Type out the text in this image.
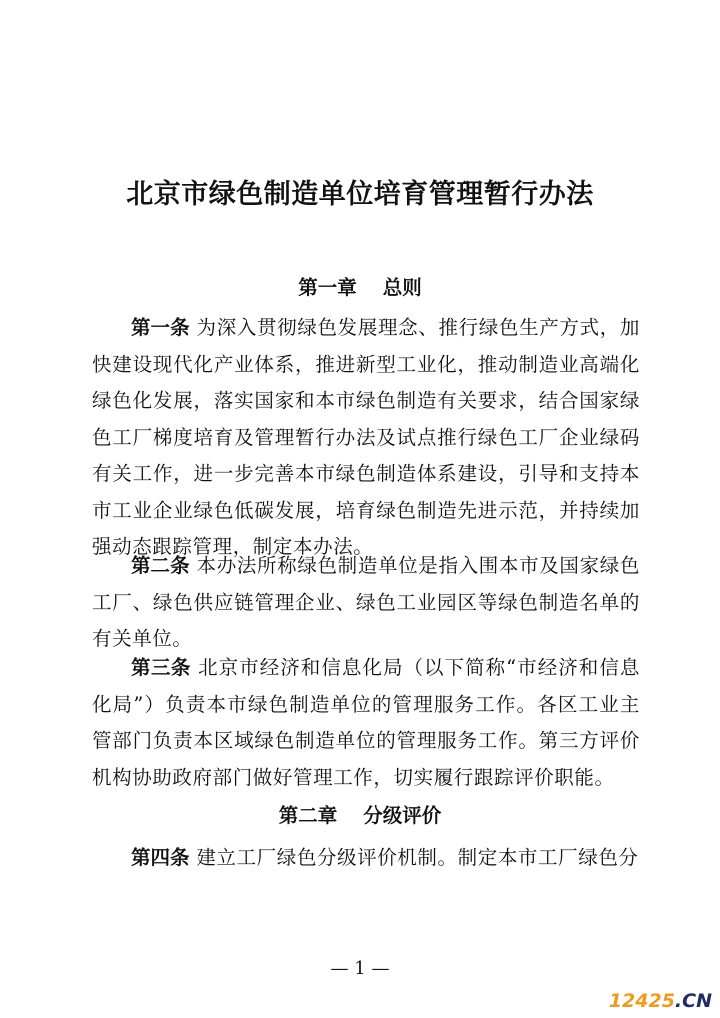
北京市绿色制造单位培育管理暂行办法
第一章 总则
第一条 为深入贯彻绿色发展理念、推行绿色生产方式，加快建设现代化产业体系，推进新型工业化，推动制造业高端化绿色化发展，落实国家和本市绿色制造有关要求，结合国家绿色工厂梯度培育及管理暂行办法及试点推行绿色工厂企业绿码有关工作，进一步完善本市绿色制造体系建设，引导和支持本市工业企业绿色低碳发展，培育绿色制造先进示范，并持续加强动态跟踪管理，制定本办法。
第二条 本办法所称绿色制造单位是指入围本市及国家绿色工厂、绿色供应链管理企业、绿色工业园区等绿色制造名单的有关单位。
第三条 北京市经济和信息化局（以下简称“市经济和信息化局”）负责本市绿色制造单位的管理服务工作。各区工业主管部门负责本区域绿色制造单位的管理服务工作。第三方评价机构协助政府部门做好管理工作，切实履行跟踪评价职能。
第二章 分级评价
第四条 建立工厂绿色分级评价机制。制定本市工厂绿色分
— 1 —
12425.CN
